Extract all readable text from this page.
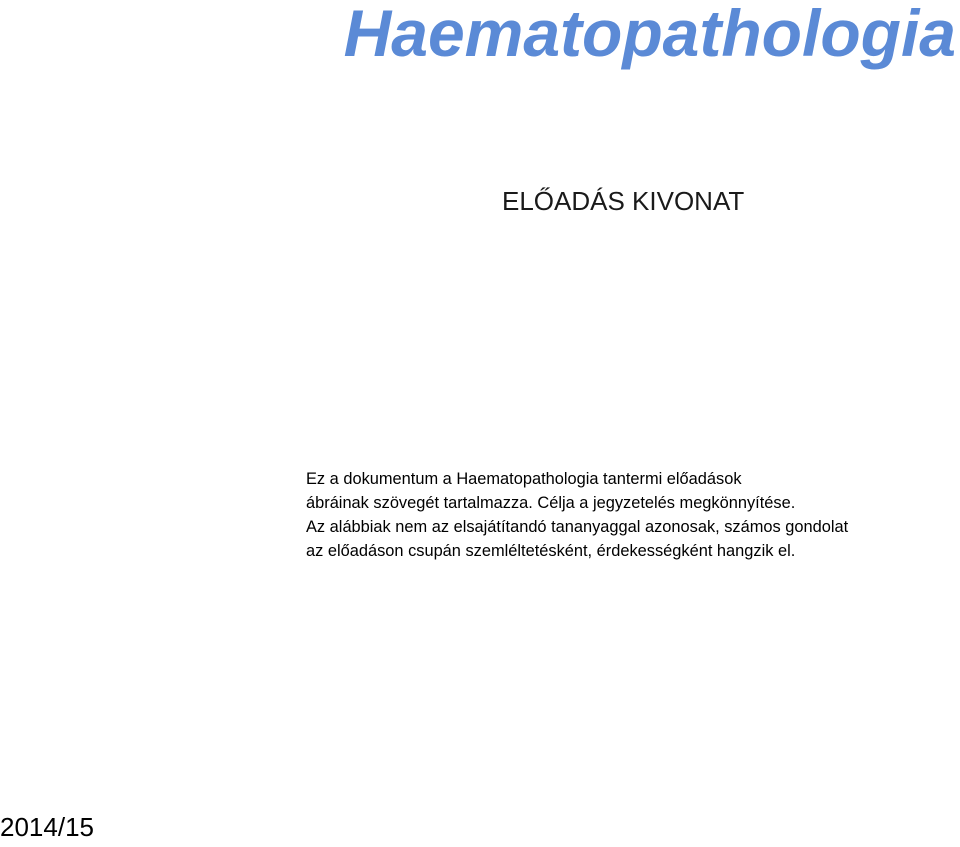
Haematopathologia
ELŐADÁS KIVONAT
Ez a dokumentum a Haematopathologia tantermi előadások
ábráinak szövegét tartalmazza. Célja a jegyzetelés megkönnyítése.
Az alábbiak nem az elsajátítandó tananyaggal azonosak, számos gondolat
az előadáson csupán szemléltetésként, érdekességként hangzik el.
2014/15
